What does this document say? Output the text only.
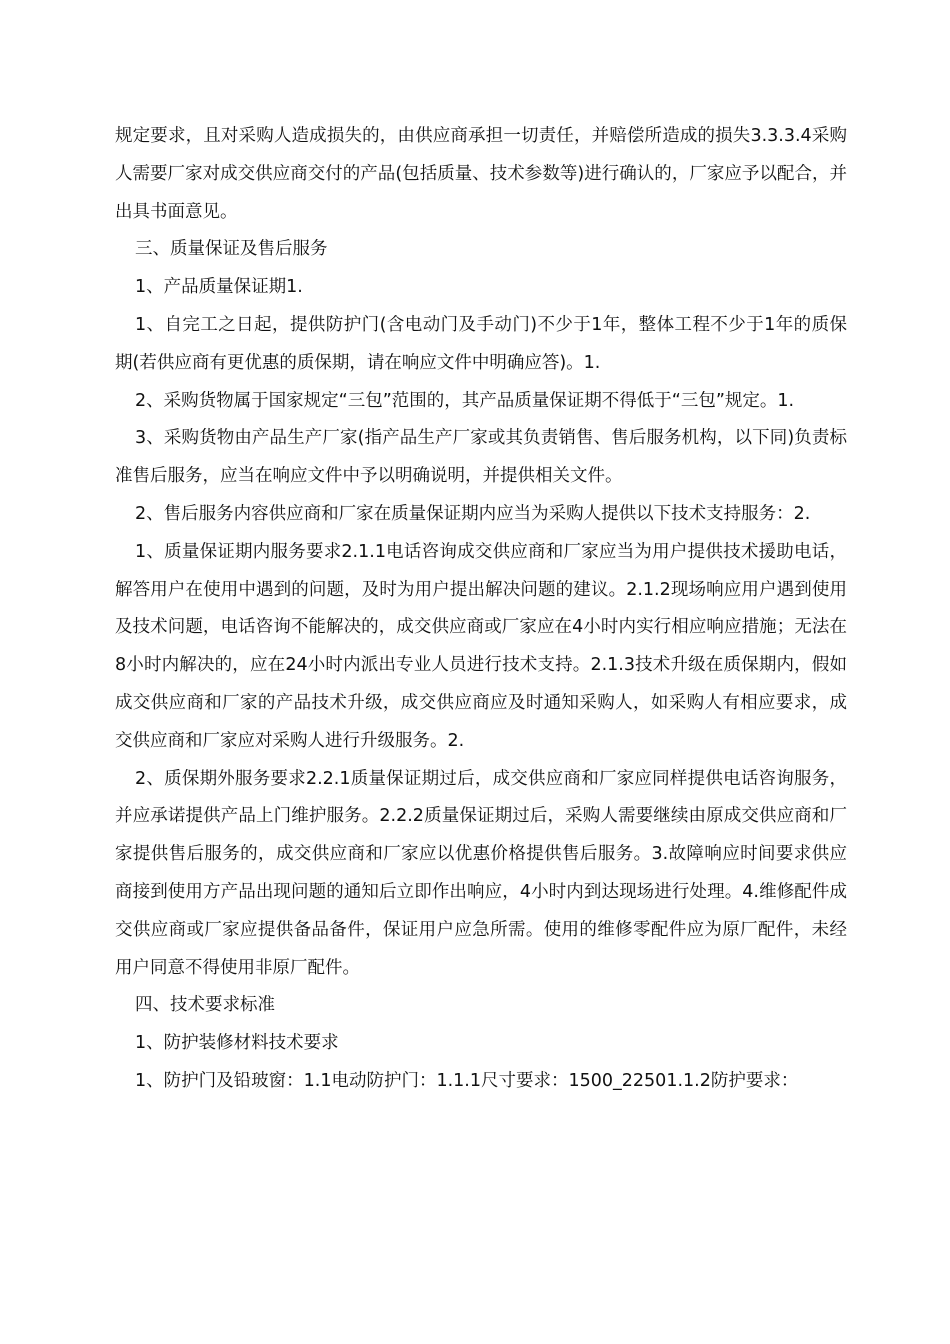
规定要求，且对采购人造成损失的，由供应商承担一切责任，并赔偿所造成的损失3.3.3.4采购人需要厂家对成交供应商交付的产品(包括质量、技术参数等)进行确认的，厂家应予以配合，并出具书面意见。

三、质量保证及售后服务

1、产品质量保证期1.

1、自完工之日起，提供防护门(含电动门及手动门)不少于1年，整体工程不少于1年的质保期(若供应商有更优惠的质保期，请在响应文件中明确应答)。1.

2、采购货物属于国家规定“三包”范围的，其产品质量保证期不得低于“三包”规定。1.

3、采购货物由产品生产厂家(指产品生产厂家或其负责销售、售后服务机构，以下同)负责标准售后服务，应当在响应文件中予以明确说明，并提供相关文件。

2、售后服务内容供应商和厂家在质量保证期内应当为采购人提供以下技术支持服务：2.

1、质量保证期内服务要求2.1.1电话咨询成交供应商和厂家应当为用户提供技术援助电话，解答用户在使用中遇到的问题，及时为用户提出解决问题的建议。2.1.2现场响应用户遇到使用及技术问题，电话咨询不能解决的，成交供应商或厂家应在4小时内实行相应响应措施；无法在8小时内解决的，应在24小时内派出专业人员进行技术支持。2.1.3技术升级在质保期内，假如成交供应商和厂家的产品技术升级，成交供应商应及时通知采购人，如采购人有相应要求，成交供应商和厂家应对采购人进行升级服务。2.

2、质保期外服务要求2.2.1质量保证期过后，成交供应商和厂家应同样提供电话咨询服务，并应承诺提供产品上门维护服务。2.2.2质量保证期过后，采购人需要继续由原成交供应商和厂家提供售后服务的，成交供应商和厂家应以优惠价格提供售后服务。3.故障响应时间要求供应商接到使用方产品出现问题的通知后立即作出响应，4小时内到达现场进行处理。4.维修配件成交供应商或厂家应提供备品备件，保证用户应急所需。使用的维修零配件应为原厂配件，未经用户同意不得使用非原厂配件。

四、技术要求标准

1、防护装修材料技术要求

1、防护门及铅玻窗：1.1电动防护门：1.1.1尺寸要求：1500_22501.1.2防护要求：
